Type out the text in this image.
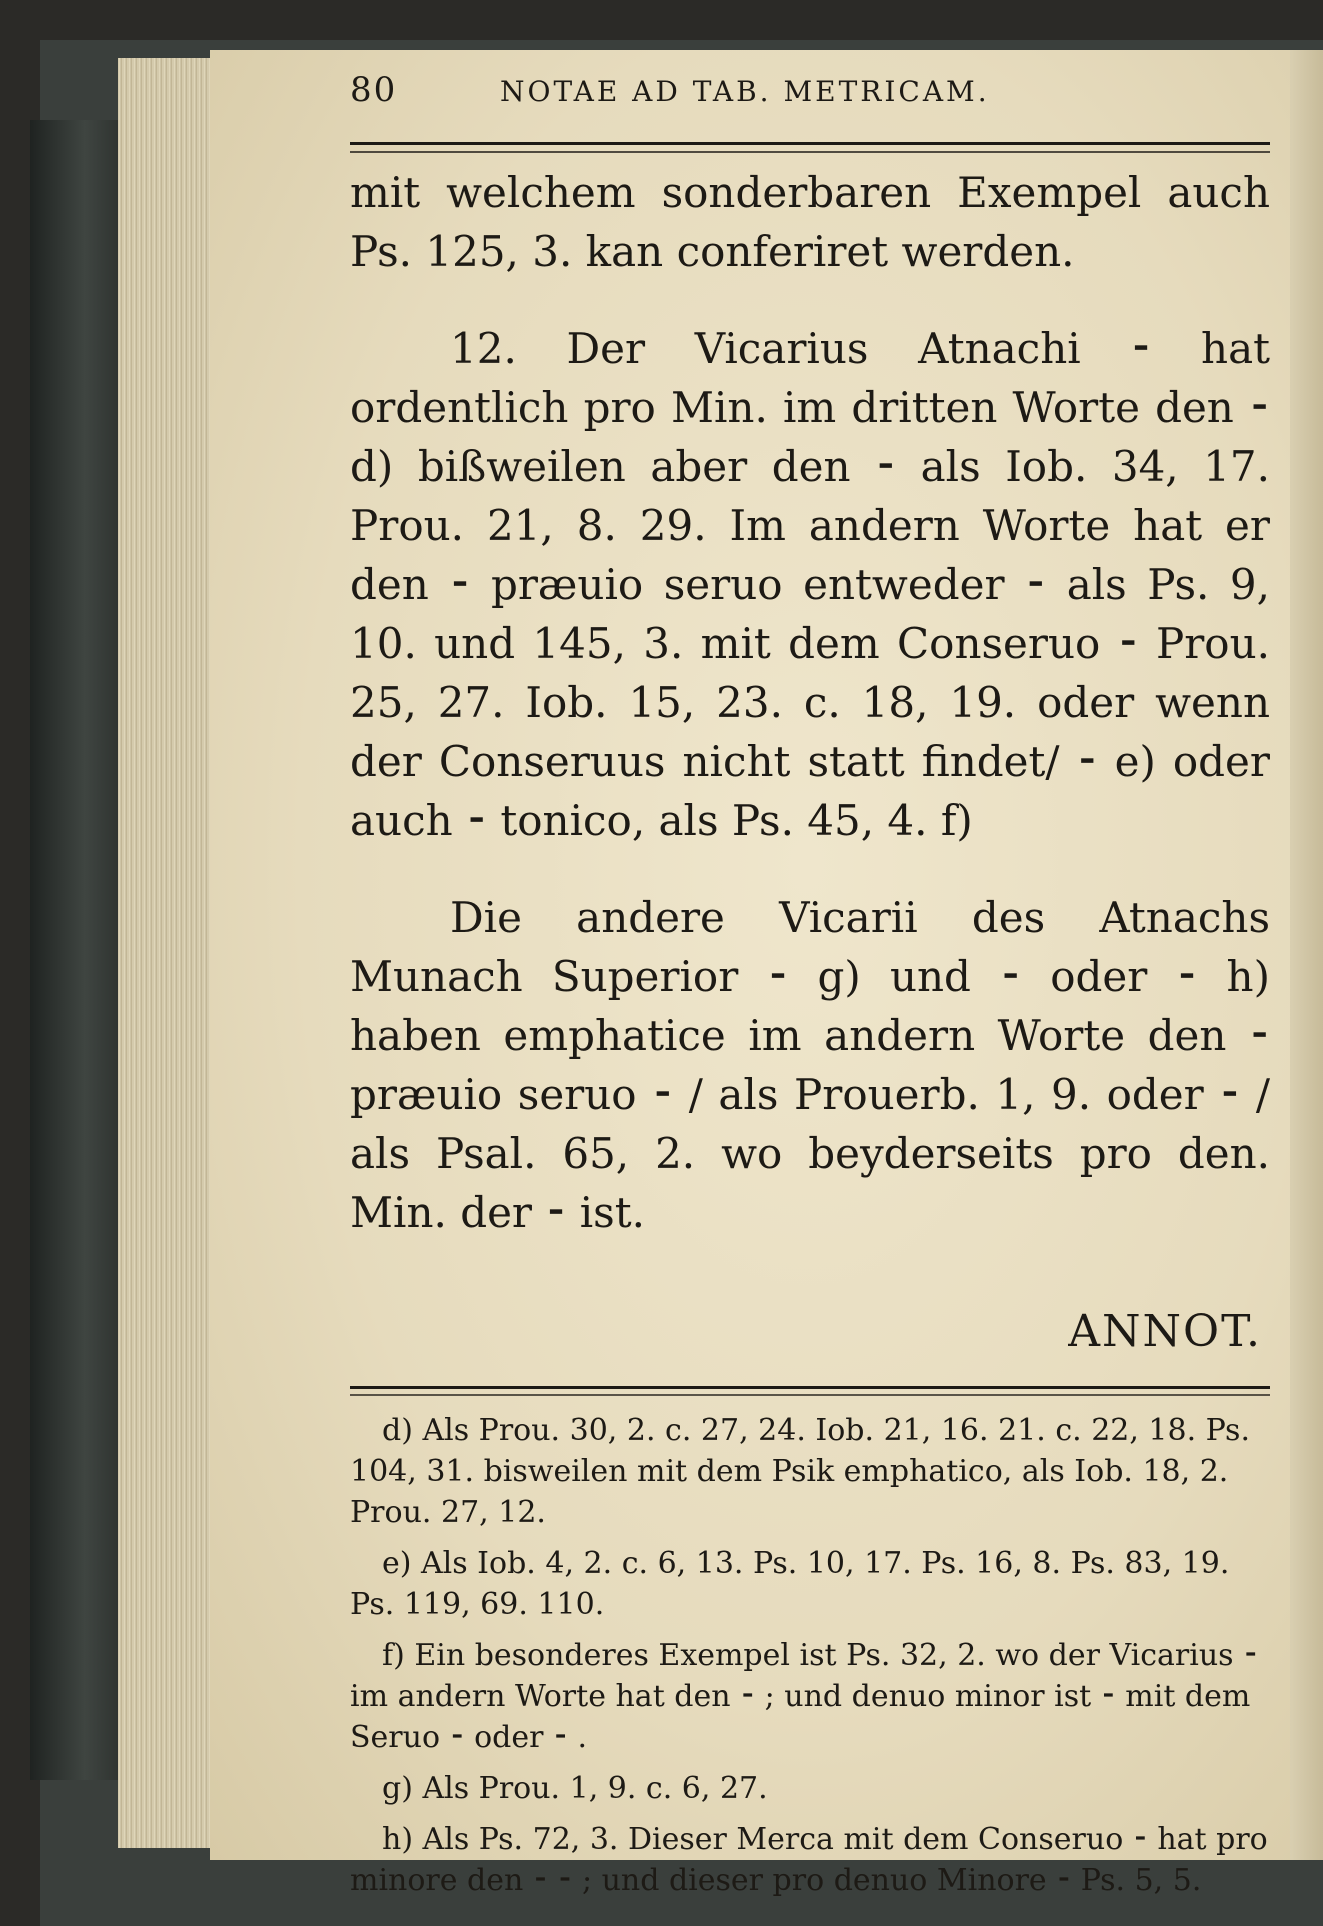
80	NOTAE AD TAB. METRICAM.

mit welchem sonderbaren Exempel auch Ps. 125, 3. kan conferiret werden.

12. Der Vicarius Atnachi ⁃ hat ordentlich pro Min. im dritten Worte den ⁃ d) bißweilen aber den ⁃ als Iob. 34, 17. Prou. 21, 8. 29. Im andern Worte hat er den ⁃ præuio seruo entweder ⁃ als Ps. 9, 10. und 145, 3. mit dem Conseruo ⁃ Prou. 25, 27. Iob. 15, 23. c. 18, 19. oder wenn der Conseruus nicht statt findet/ ⁃ e) oder auch ⁃ tonico, als Ps. 45, 4. f)

Die andere Vicarii des Atnachs Munach Superior ⁃ g) und ⁃ oder ⁃ h) haben emphatice im andern Worte den ⁃ præuio seruo ⁃ / als Prouerb. 1, 9. oder ⁃ / als Psal. 65, 2. wo beyderseits pro den. Min. der ⁃ ist.

ANNOT.

d) Als Prou. 30, 2. c. 27, 24. Iob. 21, 16. 21. c. 22, 18. Ps. 104, 31. bisweilen mit dem Psik emphatico, als Iob. 18, 2. Prou. 27, 12.

e) Als Iob. 4, 2. c. 6, 13. Ps. 10, 17. Ps. 16, 8. Ps. 83, 19. Ps. 119, 69. 110.

f) Ein besonderes Exempel ist Ps. 32, 2. wo der Vicarius ⁃ im andern Worte hat den ⁃ ; und denuo minor ist ⁃ mit dem Seruo ⁃ oder ⁃ .

g) Als Prou. 1, 9. c. 6, 27.

h) Als Ps. 72, 3. Dieser Merca mit dem Conseruo ⁃ hat pro minore den ⁃ ⁃ ; und dieser pro denuo Minore ⁃ Ps. 5, 5.
